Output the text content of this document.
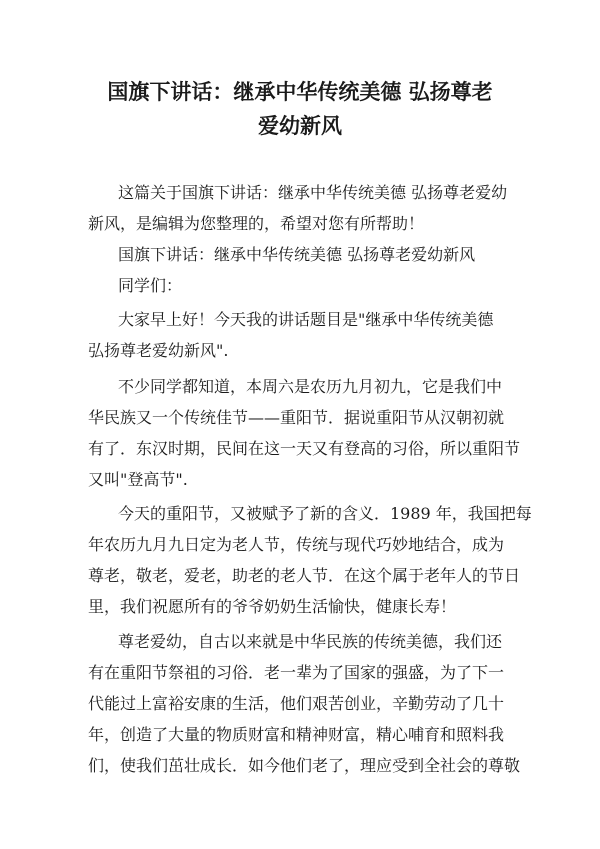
国旗下讲话：继承中华传统美德 弘扬尊老
爱幼新风
这篇关于国旗下讲话：继承中华传统美德 弘扬尊老爱幼
新风，是编辑为您整理的，希望对您有所帮助！
国旗下讲话：继承中华传统美德 弘扬尊老爱幼新风
同学们：
大家早上好！今天我的讲话题目是"继承中华传统美德
弘扬尊老爱幼新风".
不少同学都知道，本周六是农历九月初九，它是我们中
华民族又一个传统佳节——重阳节．据说重阳节从汉朝初就
有了．东汉时期，民间在这一天又有登高的习俗，所以重阳节
又叫"登高节".
今天的重阳节，又被赋予了新的含义．1989 年，我国把每
年农历九月九日定为老人节，传统与现代巧妙地结合，成为
尊老，敬老，爱老，助老的老人节．在这个属于老年人的节日
里，我们祝愿所有的爷爷奶奶生活愉快，健康长寿！
尊老爱幼，自古以来就是中华民族的传统美德，我们还
有在重阳节祭祖的习俗．老一辈为了国家的强盛，为了下一
代能过上富裕安康的生活，他们艰苦创业，辛勤劳动了几十
年，创造了大量的物质财富和精神财富，精心哺育和照料我
们，使我们茁壮成长．如今他们老了，理应受到全社会的尊敬
